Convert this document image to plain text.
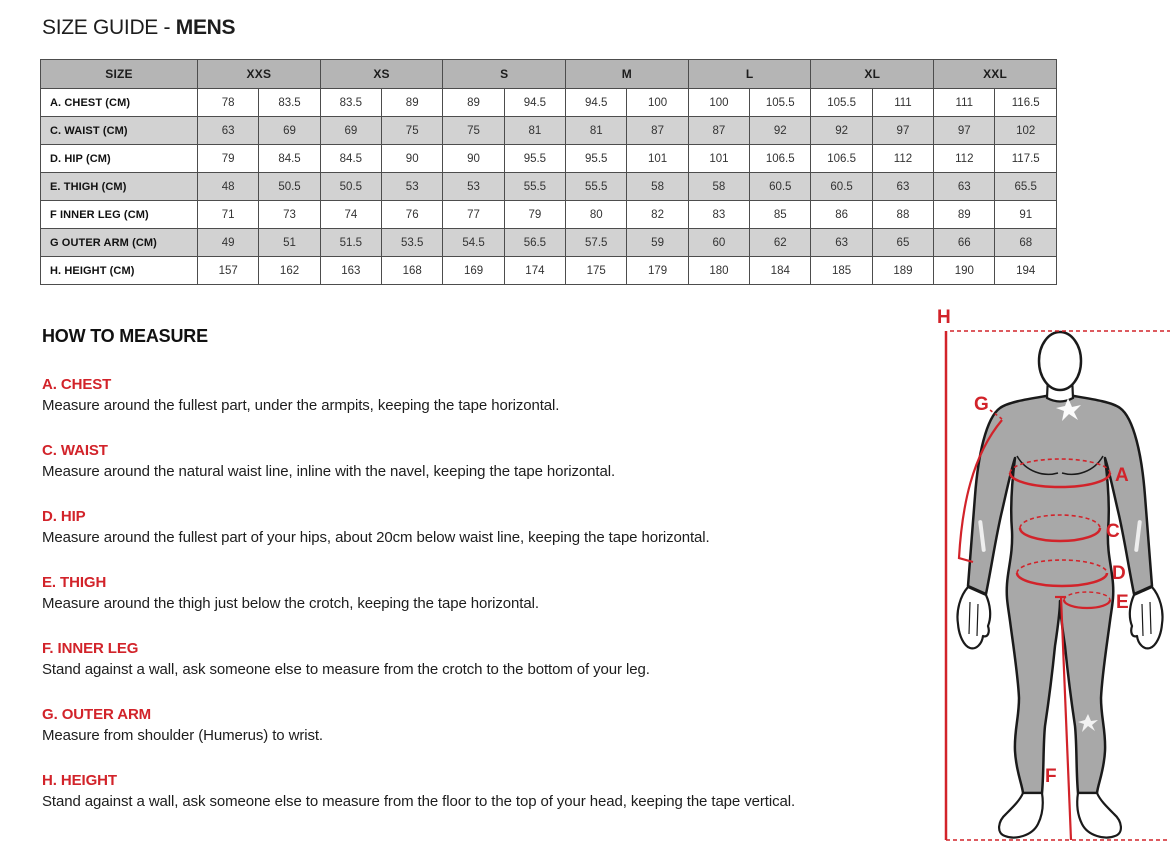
SIZE GUIDE - MENS
SIZE	XXS		XS		S		M		L		XL		XXL	
A. CHEST (CM)	78	83.5	83.5	89	89	94.5	94.5	100	100	105.5	105.5	111	111	116.5
C. WAIST (CM)	63	69	69	75	75	81	81	87	87	92	92	97	97	102
D. HIP (CM)	79	84.5	84.5	90	90	95.5	95.5	101	101	106.5	106.5	112	112	117.5
E. THIGH (CM)	48	50.5	50.5	53	53	55.5	55.5	58	58	60.5	60.5	63	63	65.5
F INNER LEG (CM)	71	73	74	76	77	79	80	82	83	85	86	88	89	91
G OUTER ARM (CM)	49	51	51.5	53.5	54.5	56.5	57.5	59	60	62	63	65	66	68
H. HEIGHT (CM)	157	162	163	168	169	174	175	179	180	184	185	189	190	194
HOW TO MEASURE
A. CHEST

Measure around the fullest part, under the armpits, keeping the tape horizontal.

C. WAIST

Measure around the natural waist line, inline with the navel, keeping the tape horizontal.

D. HIP

Measure around the fullest part of your hips, about 20cm below waist line, keeping the tape horizontal.

E. THIGH

Measure around the thigh just below the crotch, keeping the tape horizontal.

F. INNER LEG

Stand against a wall, ask someone else to measure from the crotch to the bottom of your leg.

G. OUTER ARM

Measure from shoulder (Humerus) to wrist.

H. HEIGHT

Stand against a wall, ask someone else to measure from the floor to the top of your head, keeping the tape vertical.

H
G
A
C
D
E
F
